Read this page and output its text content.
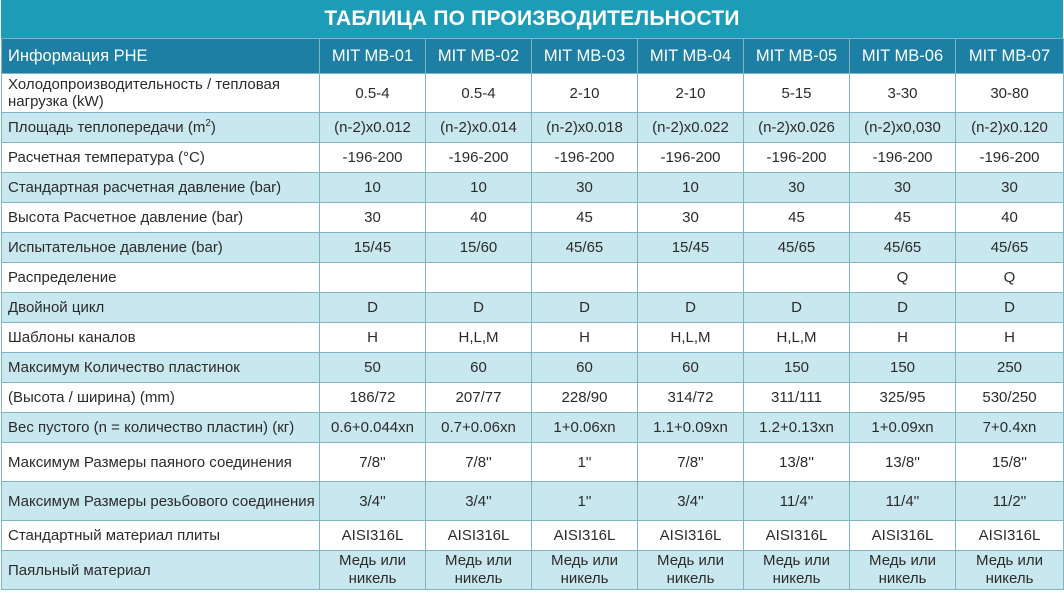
ТАБЛИЦА ПО ПРОИЗВОДИТЕЛЬНОСТИ
Информация PHE	MIT MB-01	MIT MB-02	MIT MB-03	MIT MB-04	MIT MB-05	MIT MB-06	MIT MB-07
Холодопроизводительность / тепловая нагрузка (kW)	0.5-4	0.5-4	2-10	2-10	5-15	3-30	30-80
Площадь теплопередачи $(m^2)$	(n-2)x0.012	(n-2)x0.014	(n-2)x0.018	(n-2)x0.022	(n-2)x0.026	(n-2)x0,030	(n-2)x0.120
Расчетная температура (°C)	-196-200	-196-200	-196-200	-196-200	-196-200	-196-200	-196-200
Стандартная расчетная давление (bar)	10	10	30	10	30	30	30
Высота Расчетное давление (bar)	30	40	45	30	45	45	40
Испытательное давление (bar)	15/45	15/60	45/65	15/45	45/65	45/65	45/65
Распределение						Q	Q
Двойной цикл	D	D	D	D	D	D	D
Шаблоны каналов	H	H,L,M	H	H,L,M	H,L,M	H	H
Максимум Количество пластинок	50	60	60	60	150	150	250
(Высота / ширина) (mm)	186/72	207/77	228/90	314/72	311/111	325/95	530/250
Вес пустого (n = количество пластин) (кг)	0.6+0.044xn	0.7+0.06xn	1+0.06xn	1.1+0.09xn	1.2+0.13xn	1+0.09xn	7+0.4xn
Максимум Размеры паяного соединения	7/8''	7/8''	1''	7/8''	13/8''	13/8''	15/8''
Максимум Размеры резьбового соединения	3/4''	3/4''	1''	3/4''	11/4''	11/4''	11/2''
Стандартный материал плиты	AISI316L	AISI316L	AISI316L	AISI316L	AISI316L	AISI316L	AISI316L
Паяльный материал	Медь или никель	Медь или никель	Медь или никель	Медь или никель	Медь или никель	Медь или никель	Медь или никель
